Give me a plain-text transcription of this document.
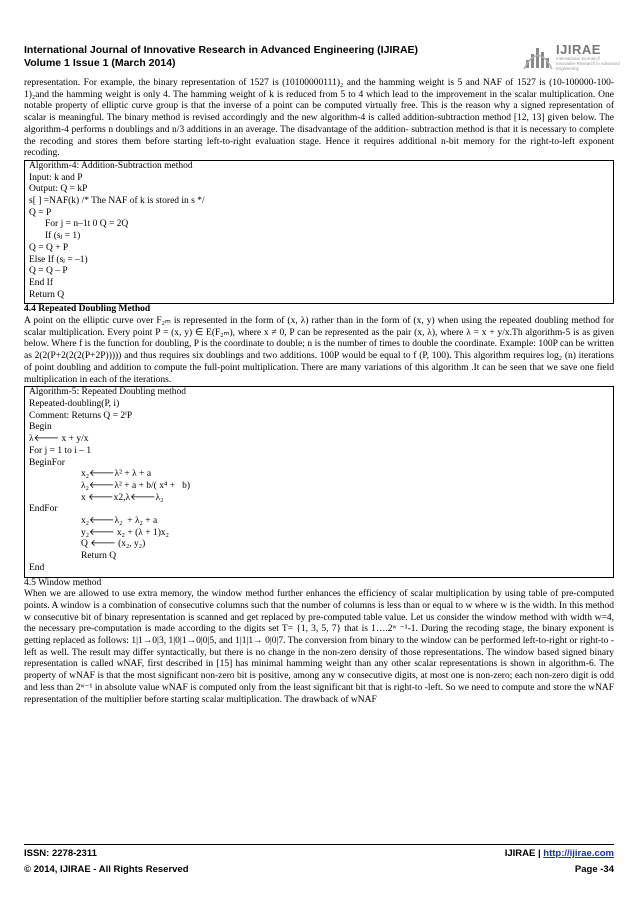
International Journal of Innovative Research in Advanced Engineering (IJIRAE)
Volume 1 Issue 1 (March 2014)
IJIRAE
International Journal of Innovative Research in Advanced Engineering

representation. For example, the binary representation of 1527 is (10100000111)₂ and the hamming weight is 5 and NAF of 1527 is (10-100000-100-1)₂and the hamming weight is only 4. The hamming weight of k is reduced from 5 to 4 which lead to the improvement in the scalar multiplication. One notable property of elliptic curve group is that the inverse of a point can be computed virtually free. This is the reason why a signed representation of scalar is meaningful. The binary method is revised accordingly and the new algorithm-4 is called addition-subtraction method [12, 13] given below. The algorithm-4 performs n doublings and n/3 additions in an average. The disadvantage of the addition- subtraction method is that it is necessary to complete the recoding and stores them before starting left-to-right evaluation stage. Hence it requires additional n-bit memory for the right-to-left exponent recoding.

Algorithm-4: Addition-Subtraction method
Input: k and P
Output: Q = kP
s[ ] =NAF(k) /* The NAF of k is stored in s */
Q = P
For j = n–1t 0 Q = 2Q
If (sⱼ = 1)
Q = Q + P
Else If (sⱼ = –1)
Q = Q – P
End If
Return Q

4.4 Repeated Doubling Method

A point on the elliptic curve over F₂ₘ is represented in the form of (x, λ) rather than in the form of (x, y) when using the repeated doubling method for scalar multiplication. Every point P = (x, y) ∈ E(F₂ₘ), where x ≠ 0, P can be represented as the pair (x, λ), where λ = x + y/x.Th algorithm-5 is as given below. Where f is the function for doubling, P is the coordinate to double; n is the number of times to double the coordinate. Example: 100P can be written as 2(2(P+2(2(2(P+2P))))) and thus requires six doublings and two additions. 100P would be equal to f (P, 100). This algorithm requires log₂ (n) iterations of point doubling and addition to compute the full-point multiplication. There are many variations of this algorithm .It can be seen that we save one field multiplication in each of the iterations.

Algorithm-5: Repeated Doubling method
Repeated-doubling(P, i)
Comment: Returns Q = 2ⁱP
Begin
λ🡐 x + y/x
For j = 1 to i – 1
BeginFor
x₂🡐λ² + λ + a
λ₂🡐λ² + a + b/( x⁴ +   b)
x 🡐x2,λ🡐λ₂
EndFor
x₂🡐λ₂  + λ₂ + a
y₂🡐 x₂ + (λ + 1)x₂
Q 🡐 (x₂, y₂)
Return Q
End

4.5 Window method

When we are allowed to use extra memory, the window method further enhances the efficiency of scalar multiplication by using table of pre-computed points. A window is a combination of consecutive columns such that the number of columns is less than or equal to w where w is the width. In this method w consecutive bit of binary representation is scanned and get replaced by pre-computed table value. Let us consider the window method with width w=4, the necessary pre-computation is made according to the digits set T= {1, 3, 5, 7} that is 1….2ʷ ⁻¹-1. During the recoding stage, the binary exponent is getting replaced as follows: 1|1→0|3, 1|0|1→0|0|5, and 1|1|1→ 0|0|7. The conversion from binary to the window can be performed left-to-right or right-to -left as well. The result may differ syntactically, but there is no change in the non-zero density of those representations. The window based signed binary representation is called wNAF, first described in [15] has minimal hamming weight than any other scalar representations is shown in algorithm-6. The property of wNAF is that the most significant non-zero bit is positive, among any w consecutive digits, at most one is non-zero; each non-zero digit is odd and less than 2ʷ⁻¹ in absolute value wNAF is computed only from the least significant bit that is right-to -left. So we need to compute and store the wNAF representation of the multiplier before starting scalar multiplication. The drawback of wNAF

ISSN: 2278-2311
© 2014, IJIRAE - All Rights Reserved
IJIRAE | http://ijirae.com
Page -34
